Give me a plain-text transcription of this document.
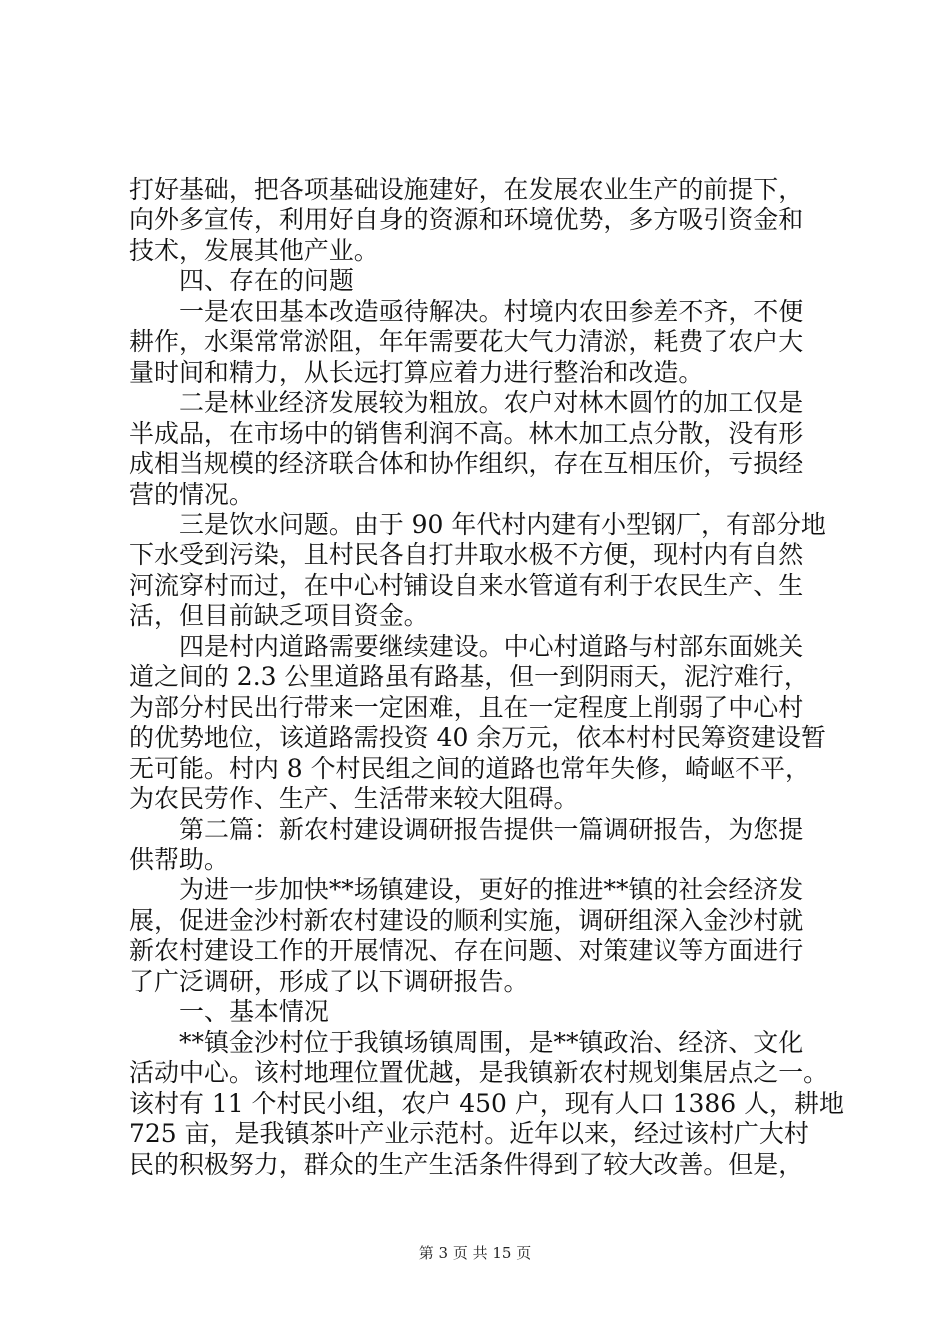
打好基础，把各项基础设施建好，在发展农业生产的前提下，
向外多宣传，利用好自身的资源和环境优势，多方吸引资金和
技术，发展其他产业。
四、存在的问题
一是农田基本改造亟待解决。村境内农田参差不齐，不便
耕作，水渠常常淤阻，年年需要花大气力清淤，耗费了农户大
量时间和精力，从长远打算应着力进行整治和改造。
二是林业经济发展较为粗放。农户对林木圆竹的加工仅是
半成品，在市场中的销售利润不高。林木加工点分散，没有形
成相当规模的经济联合体和协作组织，存在互相压价，亏损经
营的情况。
三是饮水问题。由于 90 年代村内建有小型钢厂，有部分地
下水受到污染，且村民各自打井取水极不方便，现村内有自然
河流穿村而过，在中心村铺设自来水管道有利于农民生产、生
活，但目前缺乏项目资金。
四是村内道路需要继续建设。中心村道路与村部东面姚关
道之间的 2.3 公里道路虽有路基，但一到阴雨天，泥泞难行，
为部分村民出行带来一定困难，且在一定程度上削弱了中心村
的优势地位，该道路需投资 40 余万元，依本村村民筹资建设暂
无可能。村内 8 个村民组之间的道路也常年失修，崎岖不平，
为农民劳作、生产、生活带来较大阻碍。
第二篇：新农村建设调研报告提供一篇调研报告，为您提
供帮助。
为进一步加快**场镇建设，更好的推进**镇的社会经济发
展，促进金沙村新农村建设的顺利实施，调研组深入金沙村就
新农村建设工作的开展情况、存在问题、对策建议等方面进行
了广泛调研，形成了以下调研报告。
一、基本情况
**镇金沙村位于我镇场镇周围，是**镇政治、经济、文化
活动中心。该村地理位置优越，是我镇新农村规划集居点之一。
该村有 11 个村民小组，农户 450 户，现有人口 1386 人，耕地
725 亩，是我镇茶叶产业示范村。近年以来，经过该村广大村
民的积极努力，群众的生产生活条件得到了较大改善。但是，
第 3 页 共 15 页
